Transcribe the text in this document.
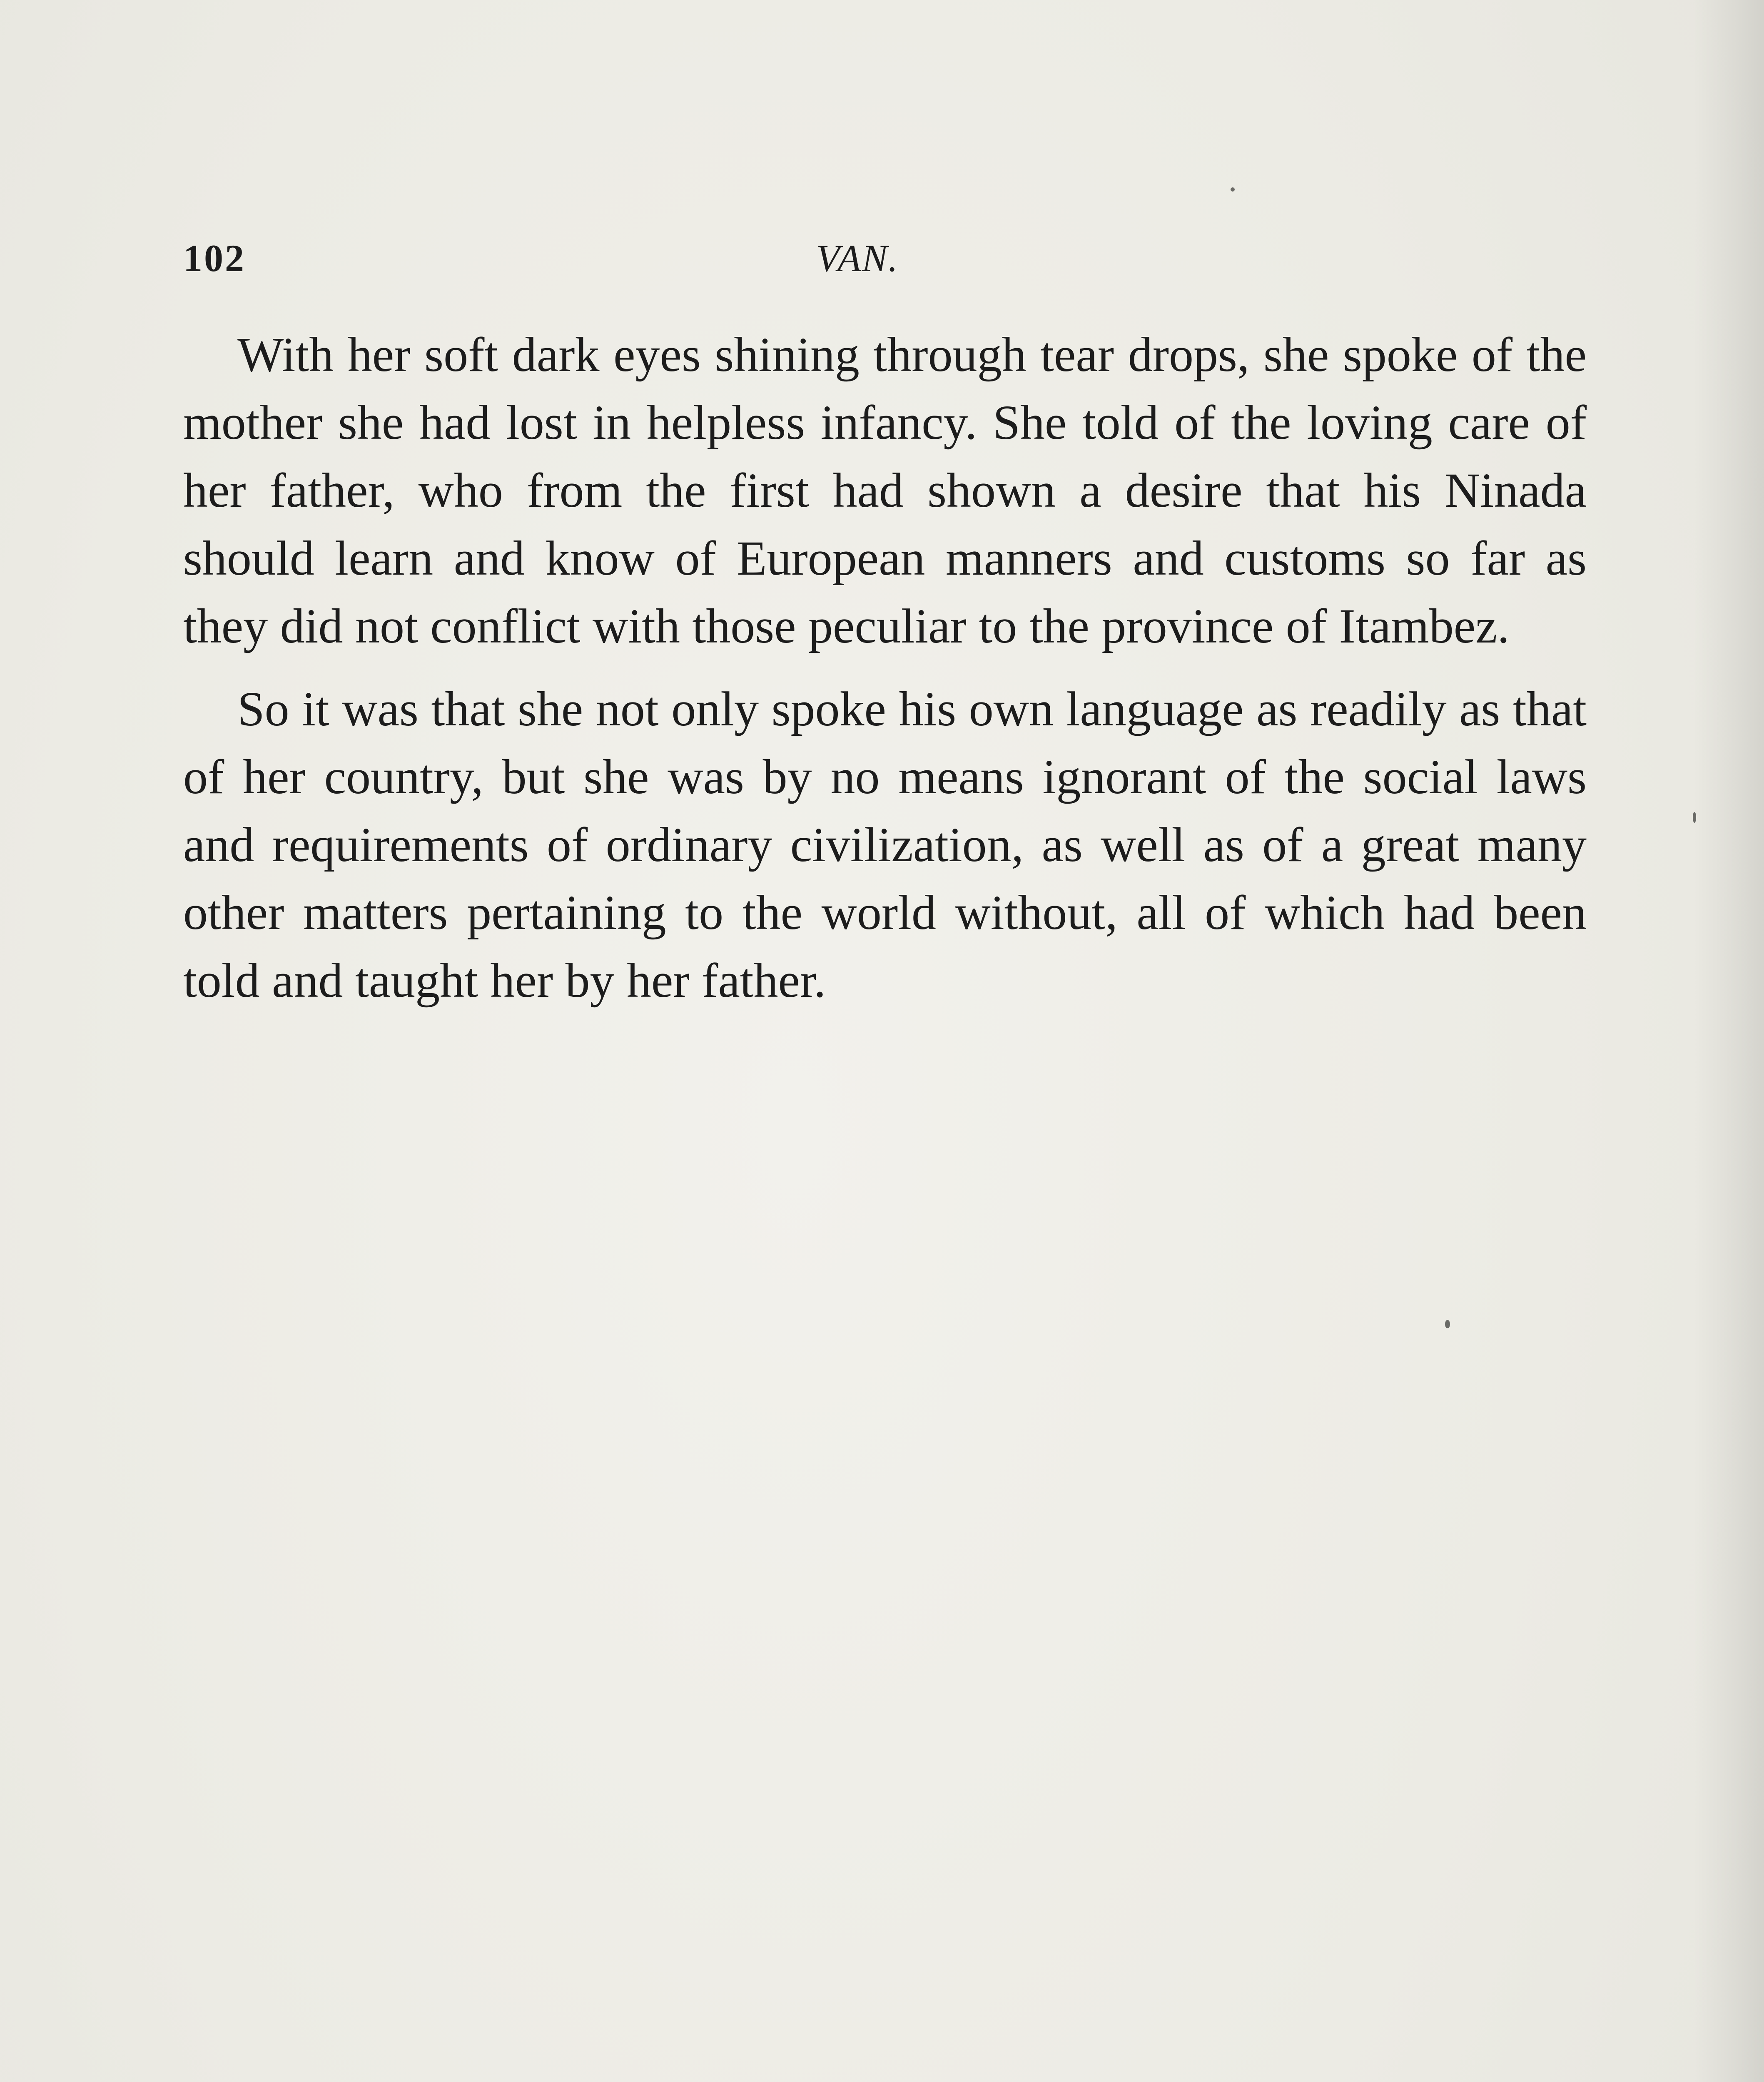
102	VAN.

With her soft dark eyes shining through tear drops, she spoke of the mother she had lost in helpless infancy. She told of the loving care of her father, who from the first had shown a desire that his Ninada should learn and know of European manners and customs so far as they did not conflict with those peculiar to the province of Itambez.

So it was that she not only spoke his own language as readily as that of her country, but she was by no means ignorant of the social laws and requirements of ordinary civilization, as well as of a great many other matters pertaining to the world without, all of which had been told and taught her by her father.
